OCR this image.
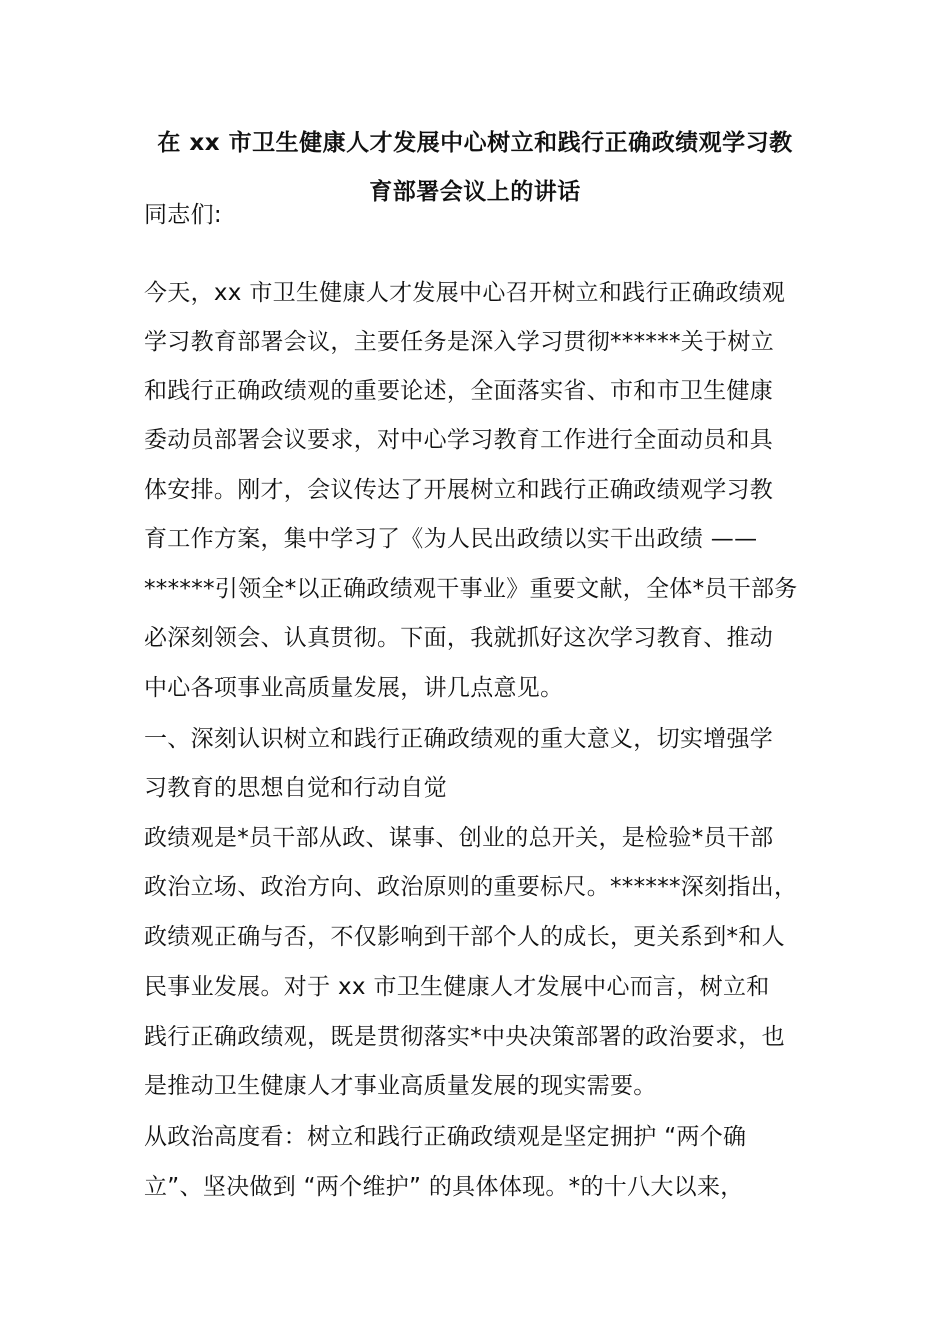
在 xx 市卫生健康人才发展中心树立和践行正确政绩观学习教
育部署会议上的讲话
同志们:
今天，xx 市卫生健康人才发展中心召开树立和践行正确政绩观
学习教育部署会议，主要任务是深入学习贯彻******关于树立
和践行正确政绩观的重要论述，全面落实省、市和市卫生健康
委动员部署会议要求，对中心学习教育工作进行全面动员和具
体安排。刚才，会议传达了开展树立和践行正确政绩观学习教
育工作方案，集中学习了《为人民出政绩以实干出政绩 ——
******引领全*以正确政绩观干事业》重要文献，全体*员干部务
必深刻领会、认真贯彻。下面，我就抓好这次学习教育、推动
中心各项事业高质量发展，讲几点意见。
一、深刻认识树立和践行正确政绩观的重大意义，切实增强学
习教育的思想自觉和行动自觉
政绩观是*员干部从政、谋事、创业的总开关，是检验*员干部
政治立场、政治方向、政治原则的重要标尺。******深刻指出，
政绩观正确与否，不仅影响到干部个人的成长，更关系到*和人
民事业发展。对于 xx 市卫生健康人才发展中心而言，树立和
践行正确政绩观，既是贯彻落实*中央决策部署的政治要求，也
是推动卫生健康人才事业高质量发展的现实需要。
从政治高度看：树立和践行正确政绩观是坚定拥护 “两个确
立”、坚决做到 “两个维护” 的具体体现。*的十八大以来，
